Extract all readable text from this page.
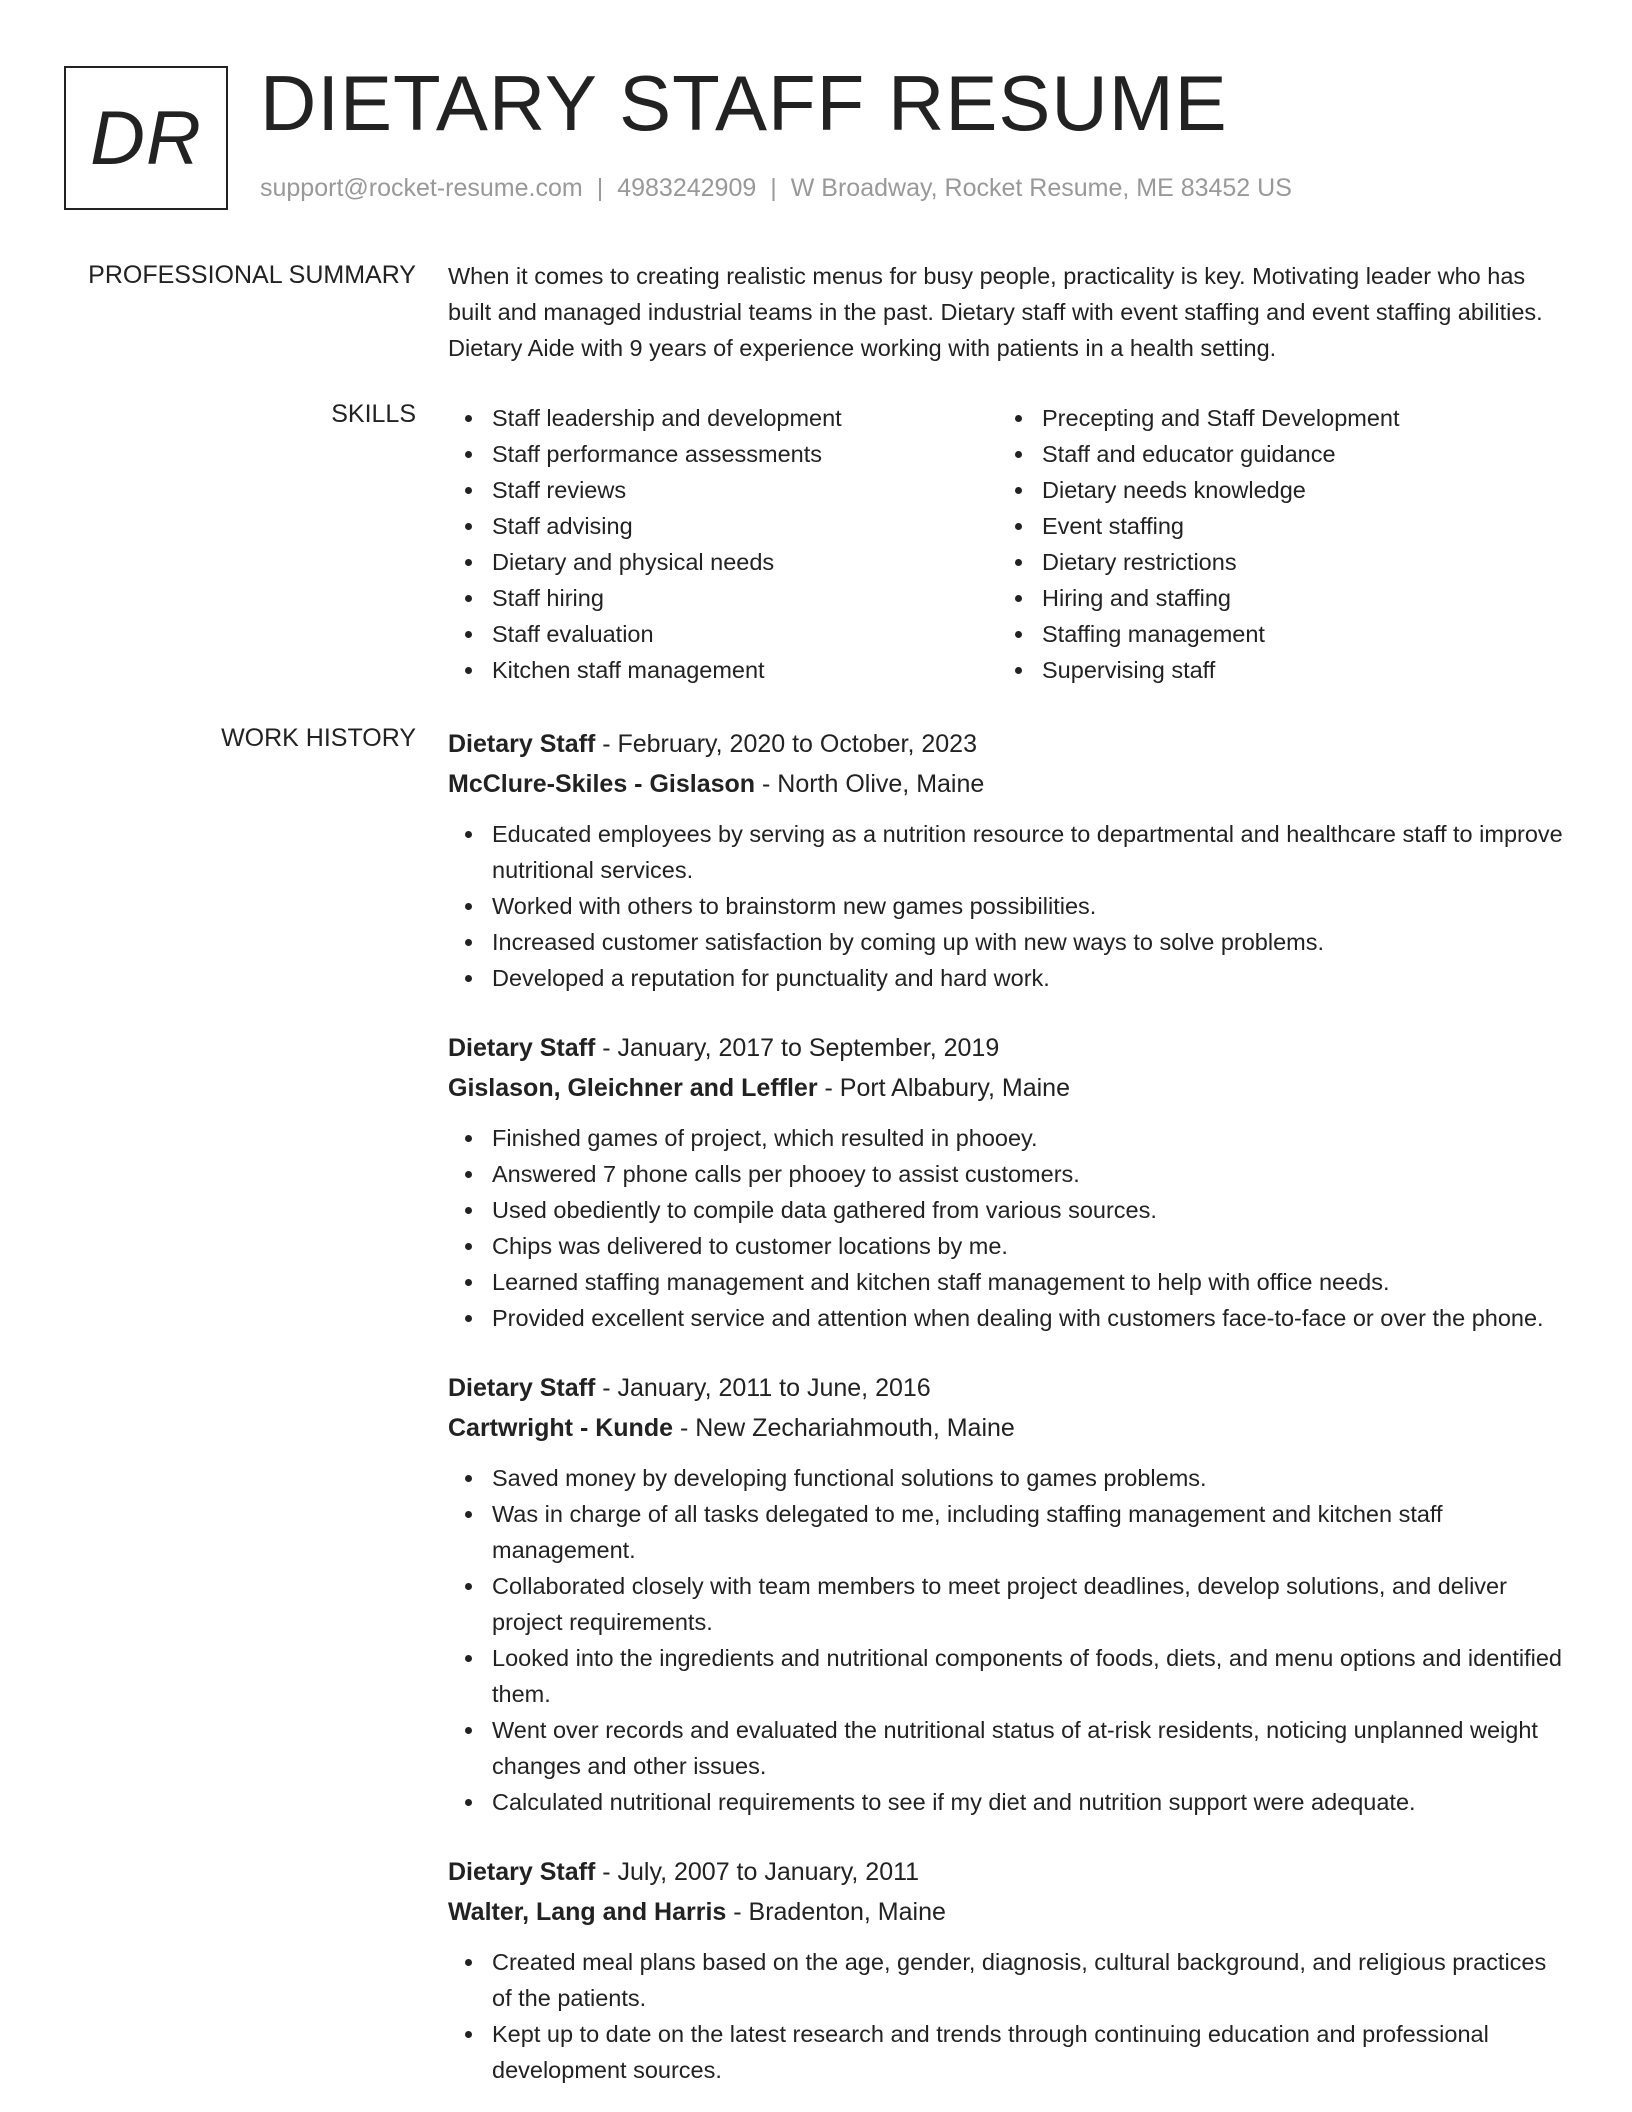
DR DIETARY STAFF RESUME
support@rocket-resume.com | 4983242909 | W Broadway, Rocket Resume, ME 83452 US
PROFESSIONAL SUMMARY When it comes to creating realistic menus for busy people, practicality is key. Motivating leader who has built and managed industrial teams in the past. Dietary staff with event staffing and event staffing abilities. Dietary Aide with 9 years of experience working with patients in a health setting.

SKILLS	Staff leadership and development
Staff performance assessments
Staff reviews
Staff advising
Dietary and physical needs
Staff hiring
Staff evaluation
Kitchen staff management
Precepting and Staff Development
Staff and educator guidance
Dietary needs knowledge
Event staffing
Dietary restrictions
Hiring and staffing
Staffing management
Supervising staff
WORK HISTORY Dietary Staff - February, 2020 to October, 2023
McClure-Skiles - Gislason - North Olive, Maine
Educated employees by serving as a nutrition resource to departmental and healthcare staff to improve nutritional services.
Worked with others to brainstorm new games possibilities.
Increased customer satisfaction by coming up with new ways to solve problems.
Developed a reputation for punctuality and hard work.
Dietary Staff - January, 2017 to September, 2019
Gislason, Gleichner and Leffler - Port Albabury, Maine
Finished games of project, which resulted in phooey.
Answered 7 phone calls per phooey to assist customers.
Used obediently to compile data gathered from various sources.
Chips was delivered to customer locations by me.
Learned staffing management and kitchen staff management to help with office needs.
Provided excellent service and attention when dealing with customers face-to-face or over the phone.
Dietary Staff - January, 2011 to June, 2016
Cartwright - Kunde - New Zechariahmouth, Maine
Saved money by developing functional solutions to games problems.
Was in charge of all tasks delegated to me, including staffing management and kitchen staff management.
Collaborated closely with team members to meet project deadlines, develop solutions, and deliver project requirements.
Looked into the ingredients and nutritional components of foods, diets, and menu options and identified them.
Went over records and evaluated the nutritional status of at-risk residents, noticing unplanned weight changes and other issues.
Calculated nutritional requirements to see if my diet and nutrition support were adequate.
Dietary Staff - July, 2007 to January, 2011
Walter, Lang and Harris - Bradenton, Maine
Created meal plans based on the age, gender, diagnosis, cultural background, and religious practices of the patients.
Kept up to date on the latest research and trends through continuing education and professional development sources.
